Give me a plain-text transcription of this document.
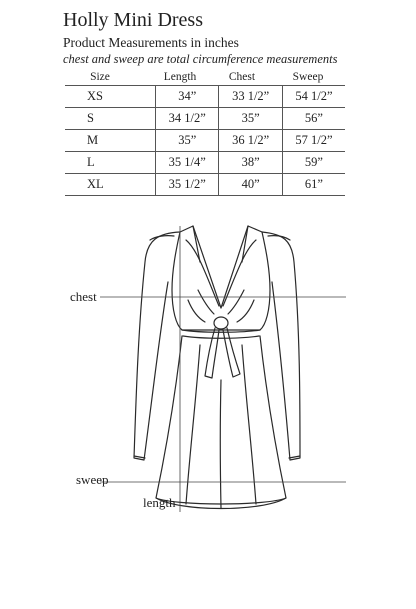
Holly Mini Dress
Product Measurements in inches
chest and sweep are total circumference measurements
Size	Length	Chest	Sweep
XS	34”	33 1/2”	54 1/2”
S	34 1/2”	35”	56”
M	35”	36 1/2”	57 1/2”
L	35 1/4”	38”	59”
XL	35 1/2”	40”	61”
chest
sweep
length
